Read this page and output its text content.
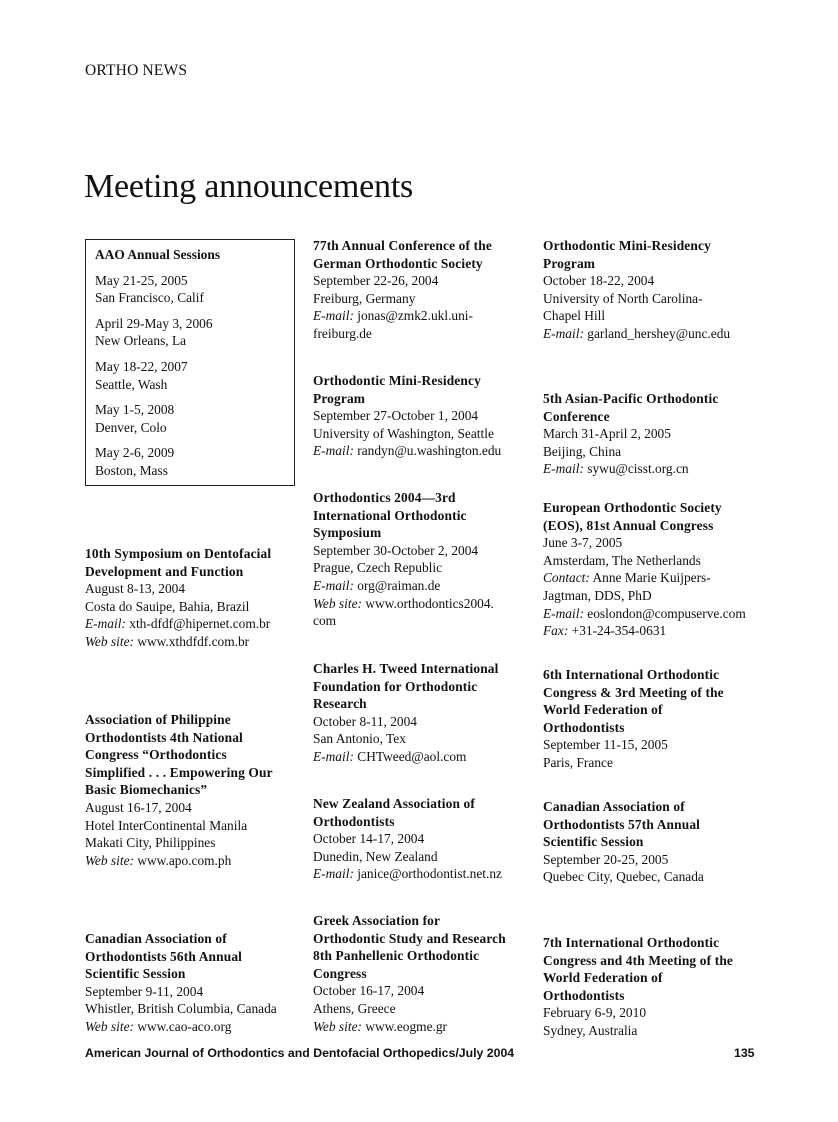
ORTHO NEWS
Meeting announcements
AAO Annual Sessions
May 21-25, 2005
San Francisco, Calif
April 29-May 3, 2006
New Orleans, La
May 18-22, 2007
Seattle, Wash
May 1-5, 2008
Denver, Colo
May 2-6, 2009
Boston, Mass
10th Symposium on Dentofacial
Development and Function
August 8-13, 2004
Costa do Sauipe, Bahia, Brazil
E-mail: xth-dfdf@hipernet.com.br
Web site: www.xthdfdf.com.br
Association of Philippine
Orthodontists 4th National
Congress “Orthodontics
Simplified . . . Empowering Our
Basic Biomechanics”
August 16-17, 2004
Hotel InterContinental Manila
Makati City, Philippines
Web site: www.apo.com.ph
Canadian Association of
Orthodontists 56th Annual
Scientific Session
September 9-11, 2004
Whistler, British Columbia, Canada
Web site: www.cao-aco.org
77th Annual Conference of the
German Orthodontic Society
September 22-26, 2004
Freiburg, Germany
E-mail: jonas@zmk2.ukl.uni-
freiburg.de
Orthodontic Mini-Residency
Program
September 27-October 1, 2004
University of Washington, Seattle
E-mail: randyn@u.washington.edu
Orthodontics 2004—3rd
International Orthodontic
Symposium
September 30-October 2, 2004
Prague, Czech Republic
E-mail: org@raiman.de
Web site: www.orthodontics2004.
com
Charles H. Tweed International
Foundation for Orthodontic
Research
October 8-11, 2004
San Antonio, Tex
E-mail: CHTweed@aol.com
New Zealand Association of
Orthodontists
October 14-17, 2004
Dunedin, New Zealand
E-mail: janice@orthodontist.net.nz
Greek Association for
Orthodontic Study and Research
8th Panhellenic Orthodontic
Congress
October 16-17, 2004
Athens, Greece
Web site: www.eogme.gr
Orthodontic Mini-Residency
Program
October 18-22, 2004
University of North Carolina-
Chapel Hill
E-mail: garland_hershey@unc.edu
5th Asian-Pacific Orthodontic
Conference
March 31-April 2, 2005
Beijing, China
E-mail: sywu@cisst.org.cn
European Orthodontic Society
(EOS), 81st Annual Congress
June 3-7, 2005
Amsterdam, The Netherlands
Contact: Anne Marie Kuijpers-
Jagtman, DDS, PhD
E-mail: eoslondon@compuserve.com
Fax: +31-24-354-0631
6th International Orthodontic
Congress & 3rd Meeting of the
World Federation of
Orthodontists
September 11-15, 2005
Paris, France
Canadian Association of
Orthodontists 57th Annual
Scientific Session
September 20-25, 2005
Quebec City, Quebec, Canada
7th International Orthodontic
Congress and 4th Meeting of the
World Federation of
Orthodontists
February 6-9, 2010
Sydney, Australia
American Journal of Orthodontics and Dentofacial Orthopedics/July 2004	135
